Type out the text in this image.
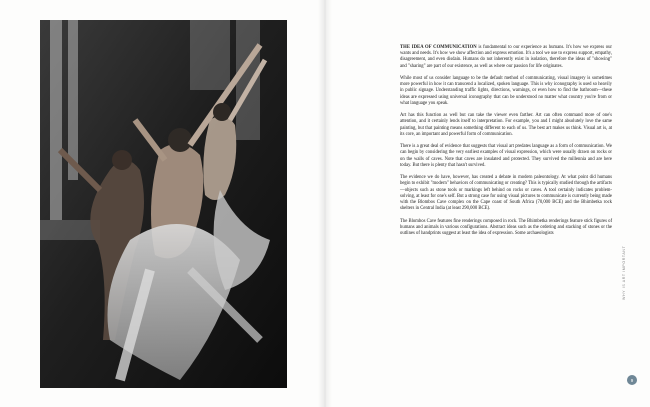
THE IDEA OF COMMUNICATION is fundamental to our experience as humans. It's how we express our wants and needs. It's how we show affection and express emotion. It's a tool we use to express support, empathy, disagreement, and even disdain. Humans do not inherently exist in isolation, therefore the ideas of "showing" and "sharing" are part of our existence, as well as where our passion for life originates.

While most of us consider language to be the default method of communicating, visual imagery is sometimes more powerful in how it can transcend a localized, spoken language. This is why iconography is used so heavily in public signage. Understanding traffic lights, directions, warnings, or even how to find the bathroom—these ideas are expressed using universal iconography that can be understood no matter what country you're from or what language you speak.

Art has this function as well but can take the viewer even farther. Art can often command more of one's attention, and it certainly lends itself to interpretation. For example, you and I might absolutely love the same painting, but that painting means something different to each of us. The best art makes us think. Visual art is, at its core, an important and powerful form of communication.

There is a great deal of evidence that suggests that visual art predates language as a form of communication. We can begin by considering the very earliest examples of visual expression, which were usually drawn on rocks or on the walls of caves. Note that caves are insulated and protected. They survived the millennia and are here today. But there is plenty that hasn't survived.

The evidence we do have, however, has created a debate in modern paleontology. At what point did humans begin to exhibit "modern" behaviors of communicating or creating? This is typically studied through the artifacts—objects such as stone tools or markings left behind on rocks or caves. A tool certainly indicates problem-solving, at least for one's self. But a strong case for using visual pictures to communicate is currently being made with the Blombos Cave complex on the Cape coast of South Africa (70,000 BCE) and the Bhimbetka rock shelters in Central India (at least 290,000 BCE).

The Blombos Cave features fine renderings composed in rock. The Bhimbetka renderings feature stick figures of humans and animals in various configurations. Abstract ideas such as the ordering and stacking of stones or the outlines of handprints suggest at least the idea of expression. Some archaeologists

WHY IS ART IMPORTANT
9
